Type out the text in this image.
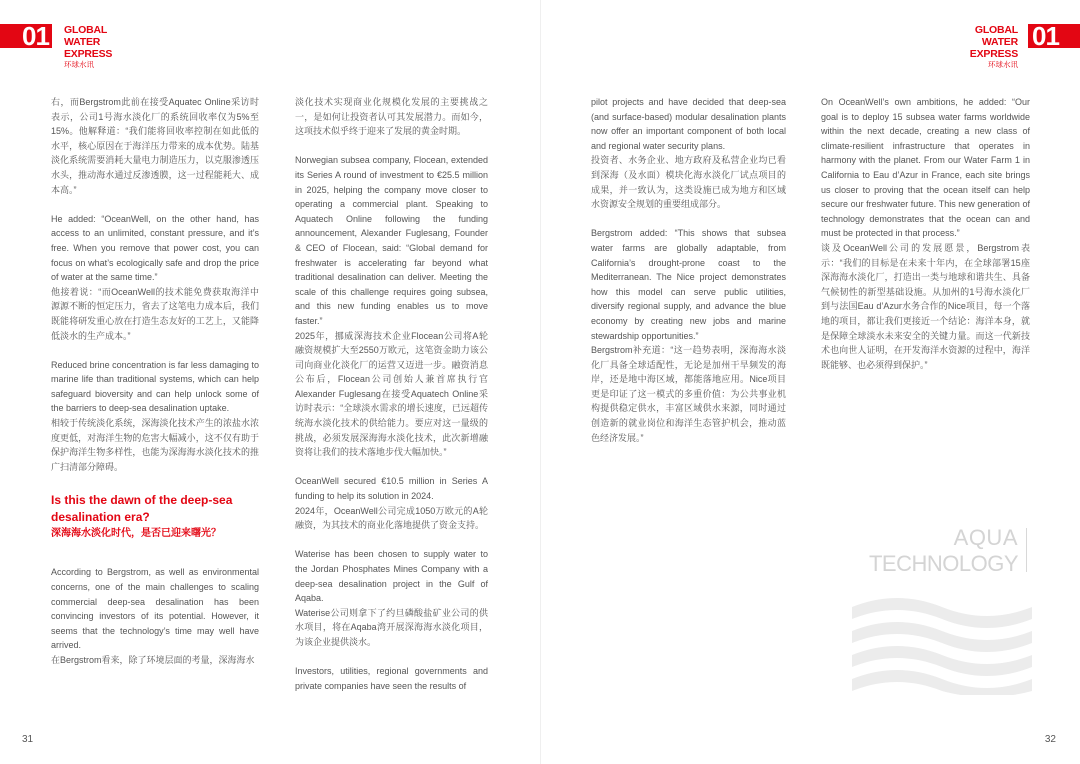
01 GLOBAL WATER EXPRESS
环球水讯
GLOBAL WATER EXPRESS
环球水讯
01

右，而Bergstrom此前在接受Aquatec Online采访时表示，公司1号海水淡化厂的系统回收率仅为5%至15%。他解释道：“我们能将回收率控制在如此低的水平，核心原因在于海洋压力带来的成本优势。陆基淡化系统需要消耗大量电力制造压力，以克服渗透压水头，推动海水通过反渗透膜，这一过程能耗大、成本高。”

He added: “OceanWell, on the other hand, has access to an unlimited, constant pressure, and it’s free. When you remove that power cost, you can focus on what’s ecologically safe and drop the price of water at the same time.”

他接着说：“而OceanWell的技术能免费获取海洋中源源不断的恒定压力，省去了这笔电力成本后，我们既能将研发重心放在打造生态友好的工艺上，又能降低淡水的生产成本。”

Reduced brine concentration is far less damaging to marine life than traditional systems, which can help safeguard bioversity and can help unlock some of the barriers to deep-sea desalination uptake.

相较于传统淡化系统，深海淡化技术产生的浓盐水浓度更低，对海洋生物的危害大幅减小，这不仅有助于保护海洋生物多样性，也能为深海海水淡化技术的推广扫清部分障碍。

Is this the dawn of the deep-sea desalination era?
深海海水淡化时代，是否已迎来曙光？

According to Bergstrom, as well as environmental concerns, one of the main challenges to scaling commercial deep-sea desalination has been convincing investors of its potential. However, it seems that the technology’s time may well have arrived.

在Bergstrom看来，除了环境层面的考量，深海海水

淡化技术实现商业化规模化发展的主要挑战之一，是如何让投资者认可其发展潜力。而如今，这项技术似乎终于迎来了发展的黄金时期。

Norwegian subsea company, Flocean, extended its Series A round of investment to €25.5 million in 2025, helping the company move closer to operating a commercial plant. Speaking to Aquatech Online following the funding announcement, Alexander Fuglesang, Founder & CEO of Flocean, said: “Global demand for freshwater is accelerating far beyond what traditional desalination can deliver. Meeting the scale of this challenge requires going subsea, and this new funding enables us to move faster.”

2025年，挪威深海技术企业Flocean公司将A轮融资规模扩大至2550万欧元，这笔资金助力该公司向商业化淡化厂的运营又迈进一步。融资消息公布后，Flocean公司创始人兼首席执行官Alexander Fuglesang在接受Aquatech Online采访时表示：“全球淡水需求的增长速度，已远超传统海水淡化技术的供给能力。要应对这一量级的挑战，必须发展深海海水淡化技术，此次新增融资将让我们的技术落地步伐大幅加快。”

OceanWell secured €10.5 million in Series A funding to help its solution in 2024.

2024年，OceanWell公司完成1050万欧元的A轮融资，为其技术的商业化落地提供了资金支持。

Waterise has been chosen to supply water to the Jordan Phosphates Mines Company with a deep-sea desalination project in the Gulf of Aqaba.

Waterise公司则拿下了约旦磷酸盐矿业公司的供水项目，将在Aqaba湾开展深海海水淡化项目，为该企业提供淡水。

Investors, utilities, regional governments and private companies have seen the results of

pilot projects and have decided that deep-sea (and surface-based) modular desalination plants now offer an important component of both local and regional water security plans.

投资者、水务企业、地方政府及私营企业均已看到深海（及水面）模块化海水淡化厂试点项目的成果，并一致认为，这类设施已成为地方和区域水资源安全规划的重要组成部分。

Bergstrom added: “This shows that subsea water farms are globally adaptable, from California’s drought-prone coast to the Mediterranean. The Nice project demonstrates how this model can serve public utilities, diversify regional supply, and advance the blue economy by creating new jobs and marine stewardship opportunities.”

Bergstrom补充道：“这一趋势表明，深海海水淡化厂具备全球适配性，无论是加州干旱频发的海岸，还是地中海区域，都能落地应用。Nice项目更是印证了这一模式的多重价值：为公共事业机构提供稳定供水，丰富区域供水来源，同时通过创造新的就业岗位和海洋生态管护机会，推动蓝色经济发展。”

On OceanWell’s own ambitions, he added: “Our goal is to deploy 15 subsea water farms worldwide within the next decade, creating a new class of climate-resilient infrastructure that operates in harmony with the planet. From our Water Farm 1 in California to Eau d’Azur in France, each site brings us closer to proving that the ocean itself can help secure our freshwater future. This new generation of technology demonstrates that the ocean can and must be protected in that process.”

谈及OceanWell公司的发展愿景，Bergstrom表示：“我们的目标是在未来十年内，在全球部署15座深海海水淡化厂，打造出一类与地球和谐共生、具备气候韧性的新型基础设施。从加州的1号海水淡化厂到与法国Eau d’Azur水务合作的Nice项目，每一个落地的项目，都让我们更接近一个结论：海洋本身，就是保障全球淡水未来安全的关键力量。而这一代新技术也向世人证明，在开发海洋水资源的过程中，海洋既能够、也必须得到保护。”

AQUA
TECHNOLOGY
31	32
